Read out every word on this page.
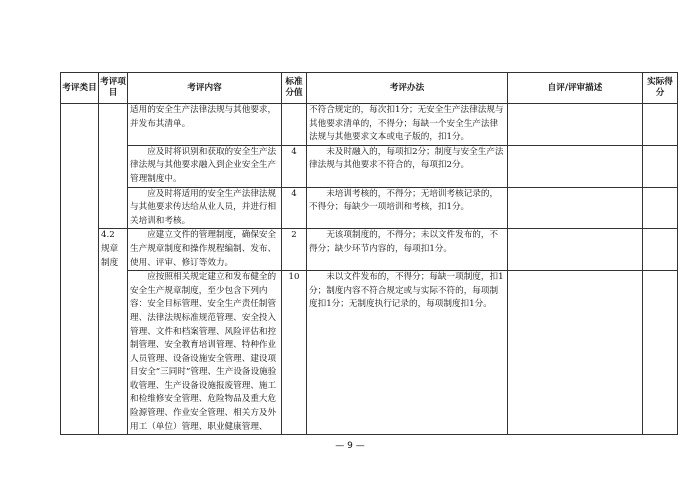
考评类目	考评项目	考评内容	标准分值	考评办法	自评/评审描述	实际得分

		适用的安全生产法律法规与其他要求，并发布其清单。		不符合规定的，每次扣1分；无安全生产法律法规与其他要求清单的，不得分；每缺一个安全生产法律法规与其他要求文本或电子版的，扣1分。		

		应及时将识别和获取的安全生产法律法规与其他要求融入到企业安全生产管理制度中。	4	未及时融入的，每项扣2分；制度与安全生产法律法规与其他要求不符合的，每项扣2分。		

		应及时将适用的安全生产法律法规与其他要求传达给从业人员，并进行相关培训和考核。	4	未培训考核的，不得分；无培训考核记录的，不得分；每缺少一项培训和考核，扣1分。		

	4.2 规章制度	应建立文件的管理制度，确保安全生产规章制度和操作规程编制、发布、使用、评审、修订等效力。	2	无该项制度的，不得分；未以文件发布的，不得分；缺少环节内容的，每项扣1分。		

		应按照相关规定建立和发布健全的安全生产规章制度，至少包含下列内容：安全目标管理、安全生产责任制管理、法律法规标准规范管理、安全投入管理、文件和档案管理、风险评估和控制管理、安全教育培训管理、特种作业人员管理、设备设施安全管理、建设项目安全“三同时”管理、生产设备设施验收管理、生产设备设施报废管理、施工和检维修安全管理、危险物品及重大危险源管理、作业安全管理、相关方及外用工（单位）管理、职业健康管理、	10	未以文件发布的，不得分；每缺一项制度，扣1分；制度内容不符合规定或与实际不符的，每项制度扣1分；无制度执行记录的，每项制度扣1分。		

— 9 —
